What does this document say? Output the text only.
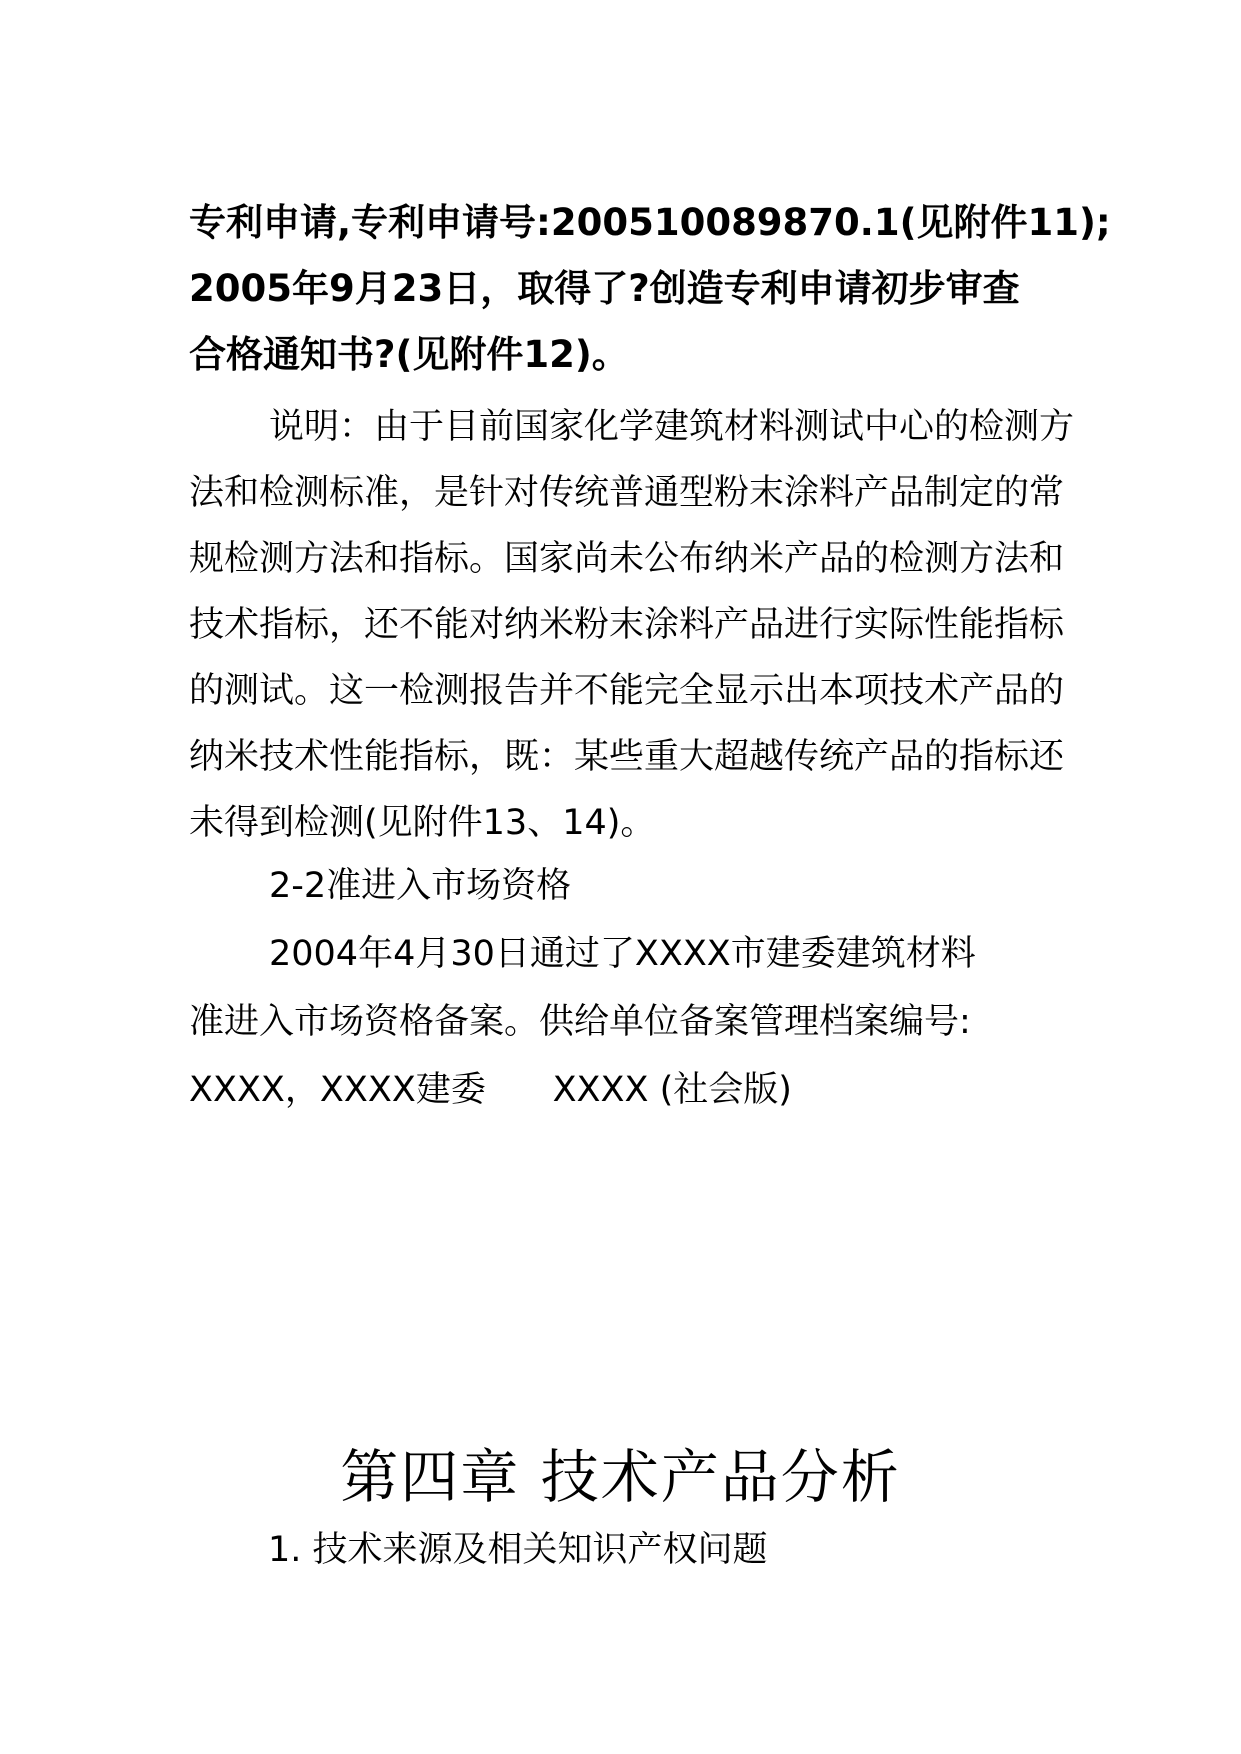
专利申请,专利申请号:200510089870.1(见附件11);
2005年9月23日，取得了?创造专利申请初步审查
合格通知书?(见附件12)。
说明：由于目前国家化学建筑材料测试中心的检测方
法和检测标准，是针对传统普通型粉末涂料产品制定的常
规检测方法和指标。国家尚未公布纳米产品的检测方法和
技术指标，还不能对纳米粉末涂料产品进行实际性能指标
的测试。这一检测报告并不能完全显示出本项技术产品的
纳米技术性能指标，既：某些重大超越传统产品的指标还
未得到检测(见附件13、14)。
2-2准进入市场资格
2004年4月30日通过了XXXX市建委建筑材料
准进入市场资格备案。供给单位备案管理档案编号:
XXXX，XXXX建委      XXXX (社会版)
第四章 技术产品分析
1. 技术来源及相关知识产权问题
